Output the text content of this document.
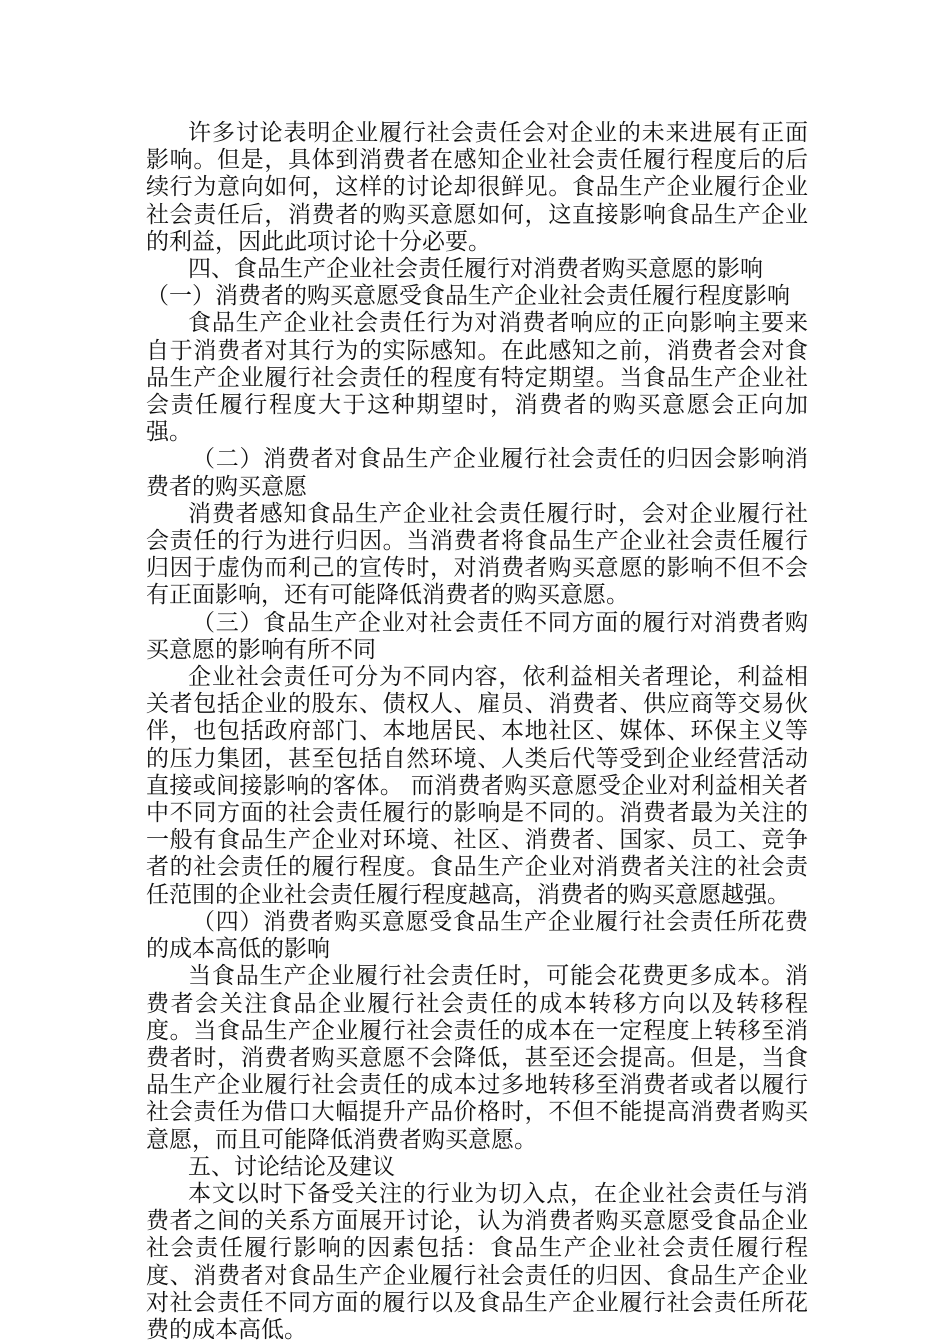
许多讨论表明企业履行社会责任会对企业的未来进展有正面影响。但是，具体到消费者在感知企业社会责任履行程度后的后续行为意向如何，这样的讨论却很鲜见。食品生产企业履行企业社会责任后，消费者的购买意愿如何，这直接影响食品生产企业的利益，因此此项讨论十分必要。

四、食品生产企业社会责任履行对消费者购买意愿的影响

（一）消费者的购买意愿受食品生产企业社会责任履行程度影响

食品生产企业社会责任行为对消费者响应的正向影响主要来自于消费者对其行为的实际感知。在此感知之前，消费者会对食品生产企业履行社会责任的程度有特定期望。当食品生产企业社会责任履行程度大于这种期望时，消费者的购买意愿会正向加强。

（二）消费者对食品生产企业履行社会责任的归因会影响消费者的购买意愿

消费者感知食品生产企业社会责任履行时，会对企业履行社会责任的行为进行归因。当消费者将食品生产企业社会责任履行归因于虚伪而利己的宣传时，对消费者购买意愿的影响不但不会有正面影响，还有可能降低消费者的购买意愿。

（三）食品生产企业对社会责任不同方面的履行对消费者购买意愿的影响有所不同

企业社会责任可分为不同内容，依利益相关者理论，利益相关者包括企业的股东、债权人、雇员、消费者、供应商等交易伙伴，也包括政府部门、本地居民、本地社区、媒体、环保主义等的压力集团，甚至包括自然环境、人类后代等受到企业经营活动直接或间接影响的客体。 而消费者购买意愿受企业对利益相关者中不同方面的社会责任履行的影响是不同的。消费者最为关注的一般有食品生产企业对环境、社区、消费者、国家、员工、竞争者的社会责任的履行程度。食品生产企业对消费者关注的社会责任范围的企业社会责任履行程度越高，消费者的购买意愿越强。

（四）消费者购买意愿受食品生产企业履行社会责任所花费的成本高低的影响

当食品生产企业履行社会责任时，可能会花费更多成本。消费者会关注食品企业履行社会责任的成本转移方向以及转移程度。当食品生产企业履行社会责任的成本在一定程度上转移至消费者时，消费者购买意愿不会降低，甚至还会提高。但是，当食品生产企业履行社会责任的成本过多地转移至消费者或者以履行社会责任为借口大幅提升产品价格时，不但不能提高消费者购买意愿，而且可能降低消费者购买意愿。

五、讨论结论及建议

本文以时下备受关注的行业为切入点，在企业社会责任与消费者之间的关系方面展开讨论，认为消费者购买意愿受食品企业社会责任履行影响的因素包括：食品生产企业社会责任履行程度、消费者对食品生产企业履行社会责任的归因、食品生产企业对社会责任不同方面的履行以及食品生产企业履行社会责任所花费的成本高低。
